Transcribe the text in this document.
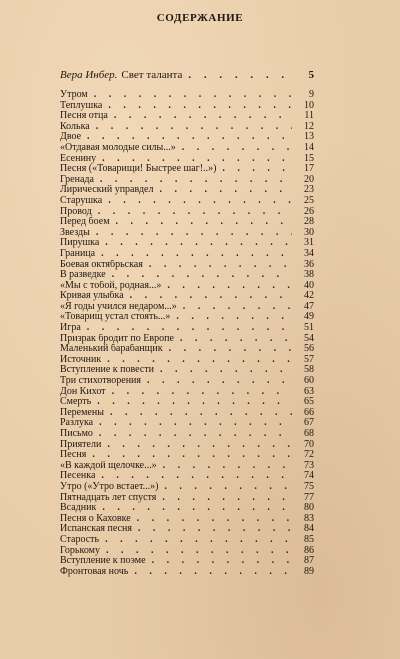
СОДЕРЖАНИЕ
Вера Инбер. Свет таланта . . .	5
Утром . . .	9
Теплушка . . .	10
Песня отца . . .	11
Колька . . .	12
Двое . . .	13
«Отдавая молодые силы...» . . .	14
Есенину . . .	15
Песня («Товарищи! Быстрее шаг!..») . . .	17
Гренада . . .	20
Лирический управдел . . .	23
Старушка . . .	25
Провод . . .	26
Перед боем . . .	28
Звезды . . .	30
Пирушка . . .	31
Граница . . .	34
Боевая октябрьская . . .	36
В разведке . . .	38
«Мы с тобой, родная...» . . .	40
Кривая улыбка . . .	42
«Я годы учился недаром...» . . .	47
«Товарищ устал стоять...» . . .	49
Игра . . .	51
Призрак бродит по Европе . . .	54
Маленький барабанщик . . .	56
Источник . . .	57
Вступление к повести . . .	58
Три стихотворения . . .	60
Дон Кихот . . .	63
Смерть . . .	65
Перемены . . .	66
Разлука . . .	67
Письмо . . .	68
Приятели . . .	70
Песня . . .	72
«В каждой щелочке...» . . .	73
Песенка . . .	74
Утро («Утро встает...») . . .	75
Пятнадцать лет спустя . . .	77
Всадник . . .	80
Песня о Каховке . . .	83
Испанская песня . . .	84
Старость . . .	85
Горькому . . .	86
Вступление к поэме . . .	87
Фронтовая ночь . . .	89
